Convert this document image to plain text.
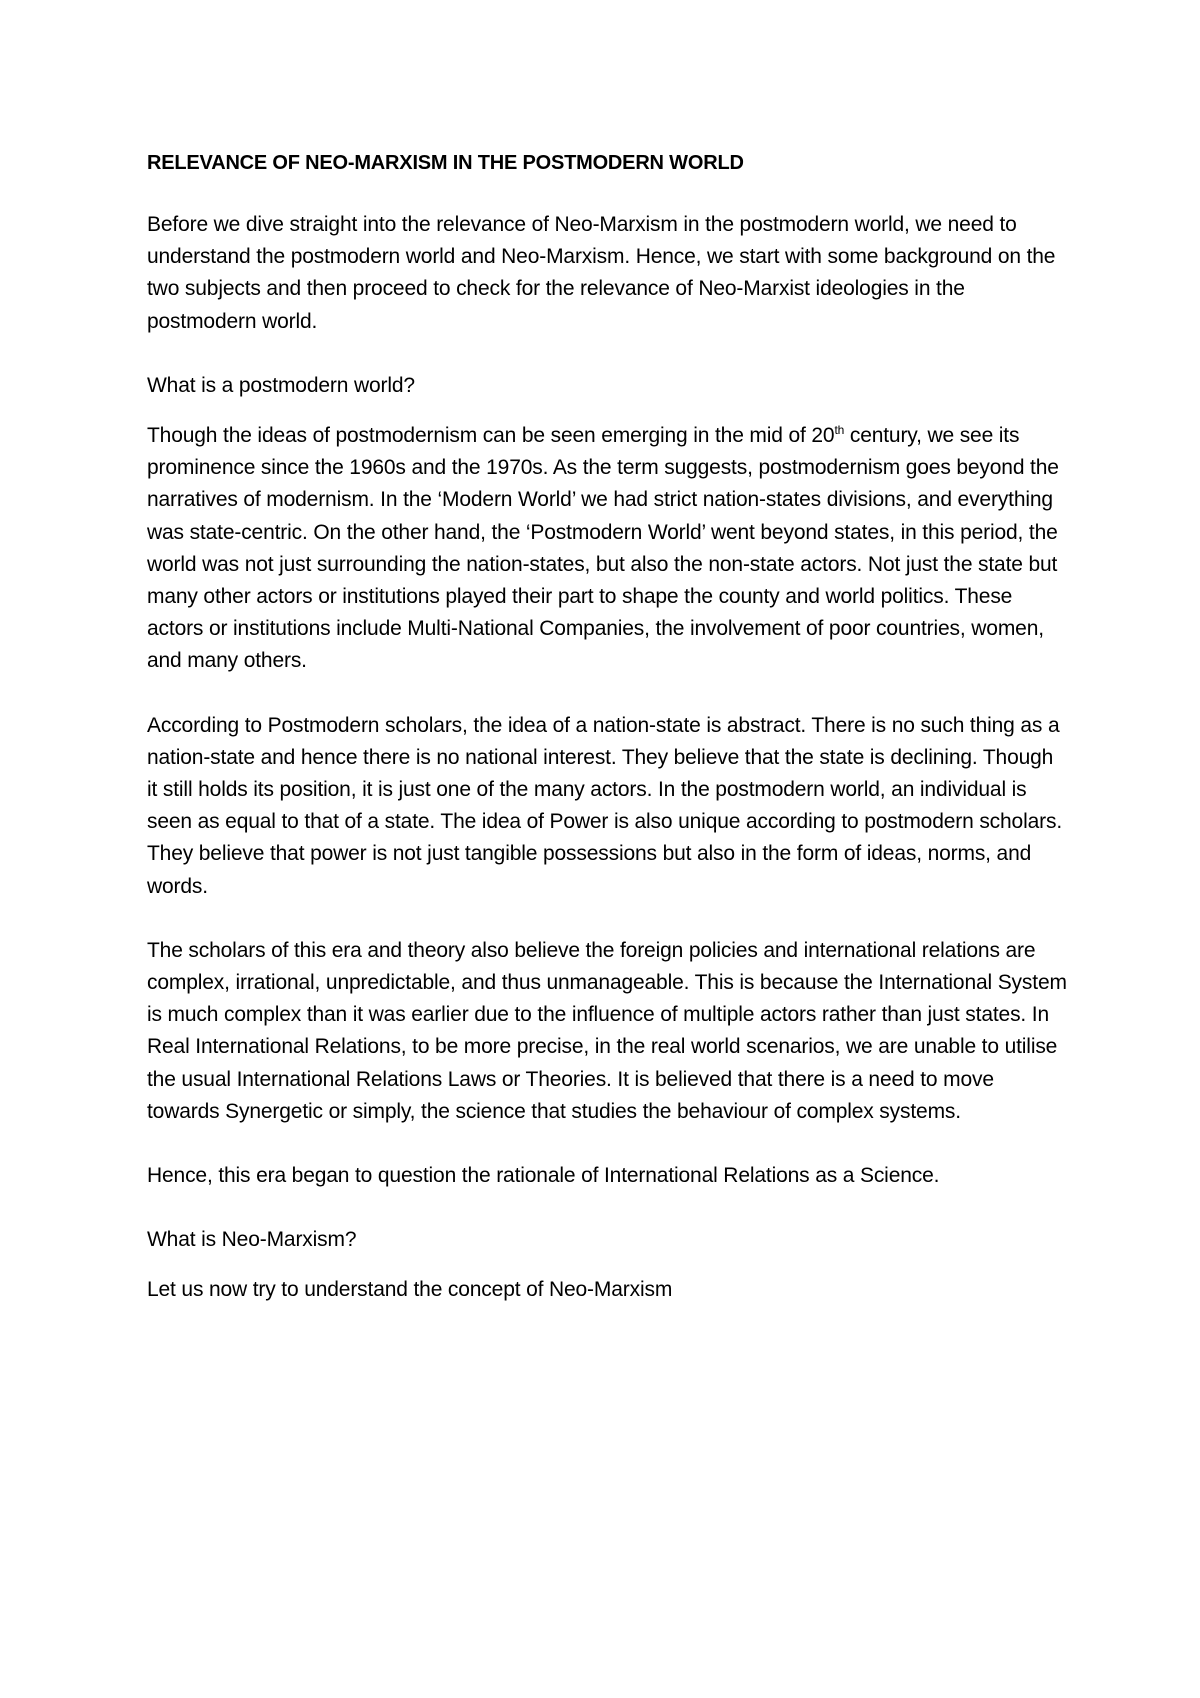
RELEVANCE OF NEO-MARXISM IN THE POSTMODERN WORLD

Before we dive straight into the relevance of Neo-Marxism in the postmodern world, we need to understand the postmodern world and Neo-Marxism. Hence, we start with some background on the two subjects and then proceed to check for the relevance of Neo-Marxist ideologies in the postmodern world.

What is a postmodern world?

Though the ideas of postmodernism can be seen emerging in the mid of 20th century, we see its prominence since the 1960s and the 1970s. As the term suggests, postmodernism goes beyond the narratives of modernism. In the ‘Modern World’ we had strict nation-states divisions, and everything was state-centric. On the other hand, the ‘Postmodern World’ went beyond states, in this period, the world was not just surrounding the nation-states, but also the non-state actors. Not just the state but many other actors or institutions played their part to shape the county and world politics. These actors or institutions include Multi-National Companies, the involvement of poor countries, women, and many others.

According to Postmodern scholars, the idea of a nation-state is abstract. There is no such thing as a nation-state and hence there is no national interest. They believe that the state is declining. Though it still holds its position, it is just one of the many actors. In the postmodern world, an individual is seen as equal to that of a state. The idea of Power is also unique according to postmodern scholars. They believe that power is not just tangible possessions but also in the form of ideas, norms, and words.

The scholars of this era and theory also believe the foreign policies and international relations are complex, irrational, unpredictable, and thus unmanageable. This is because the International System is much complex than it was earlier due to the influence of multiple actors rather than just states. In Real International Relations, to be more precise, in the real world scenarios, we are unable to utilise the usual International Relations Laws or Theories. It is believed that there is a need to move towards Synergetic or simply, the science that studies the behaviour of complex systems.

Hence, this era began to question the rationale of International Relations as a Science.

What is Neo-Marxism?

Let us now try to understand the concept of Neo-Marxism
